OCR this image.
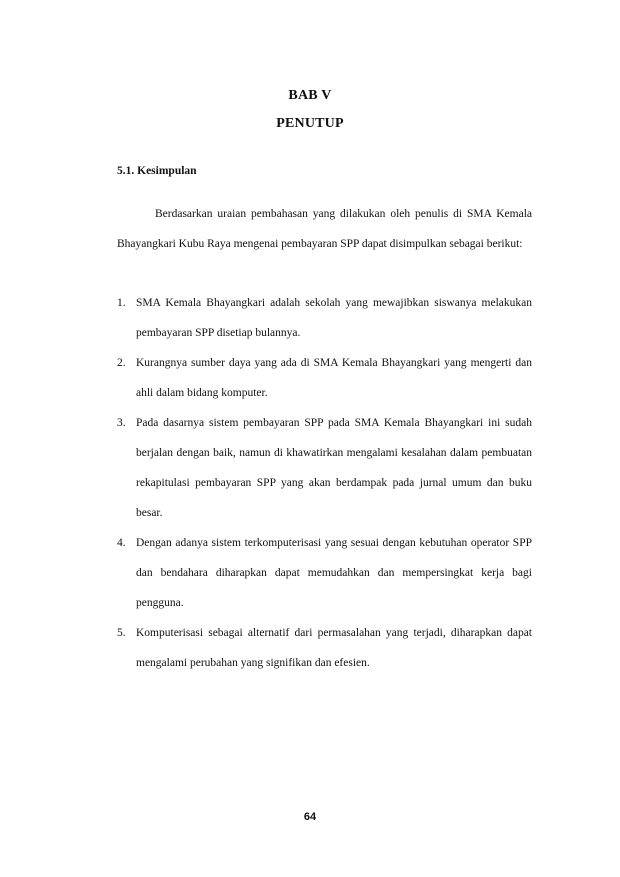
BAB V
PENUTUP
5.1. Kesimpulan

Berdasarkan uraian pembahasan yang dilakukan oleh penulis di SMA Kemala Bhayangkari Kubu Raya mengenai pembayaran SPP dapat disimpulkan sebagai berikut:

1. SMA Kemala Bhayangkari adalah sekolah yang mewajibkan siswanya melakukan pembayaran SPP disetiap bulannya.
2. Kurangnya sumber daya yang ada di SMA Kemala Bhayangkari yang mengerti dan ahli dalam bidang komputer.
3. Pada dasarnya sistem pembayaran SPP pada SMA Kemala Bhayangkari ini sudah berjalan dengan baik, namun di khawatirkan mengalami kesalahan dalam pembuatan rekapitulasi pembayaran SPP yang akan berdampak pada jurnal umum dan buku besar.
4. Dengan adanya sistem terkomputerisasi yang sesuai dengan kebutuhan operator SPP dan bendahara diharapkan dapat memudahkan dan mempersingkat kerja bagi pengguna.
5. Komputerisasi sebagai alternatif dari permasalahan yang terjadi, diharapkan dapat mengalami perubahan yang signifikan dan efesien.
64
